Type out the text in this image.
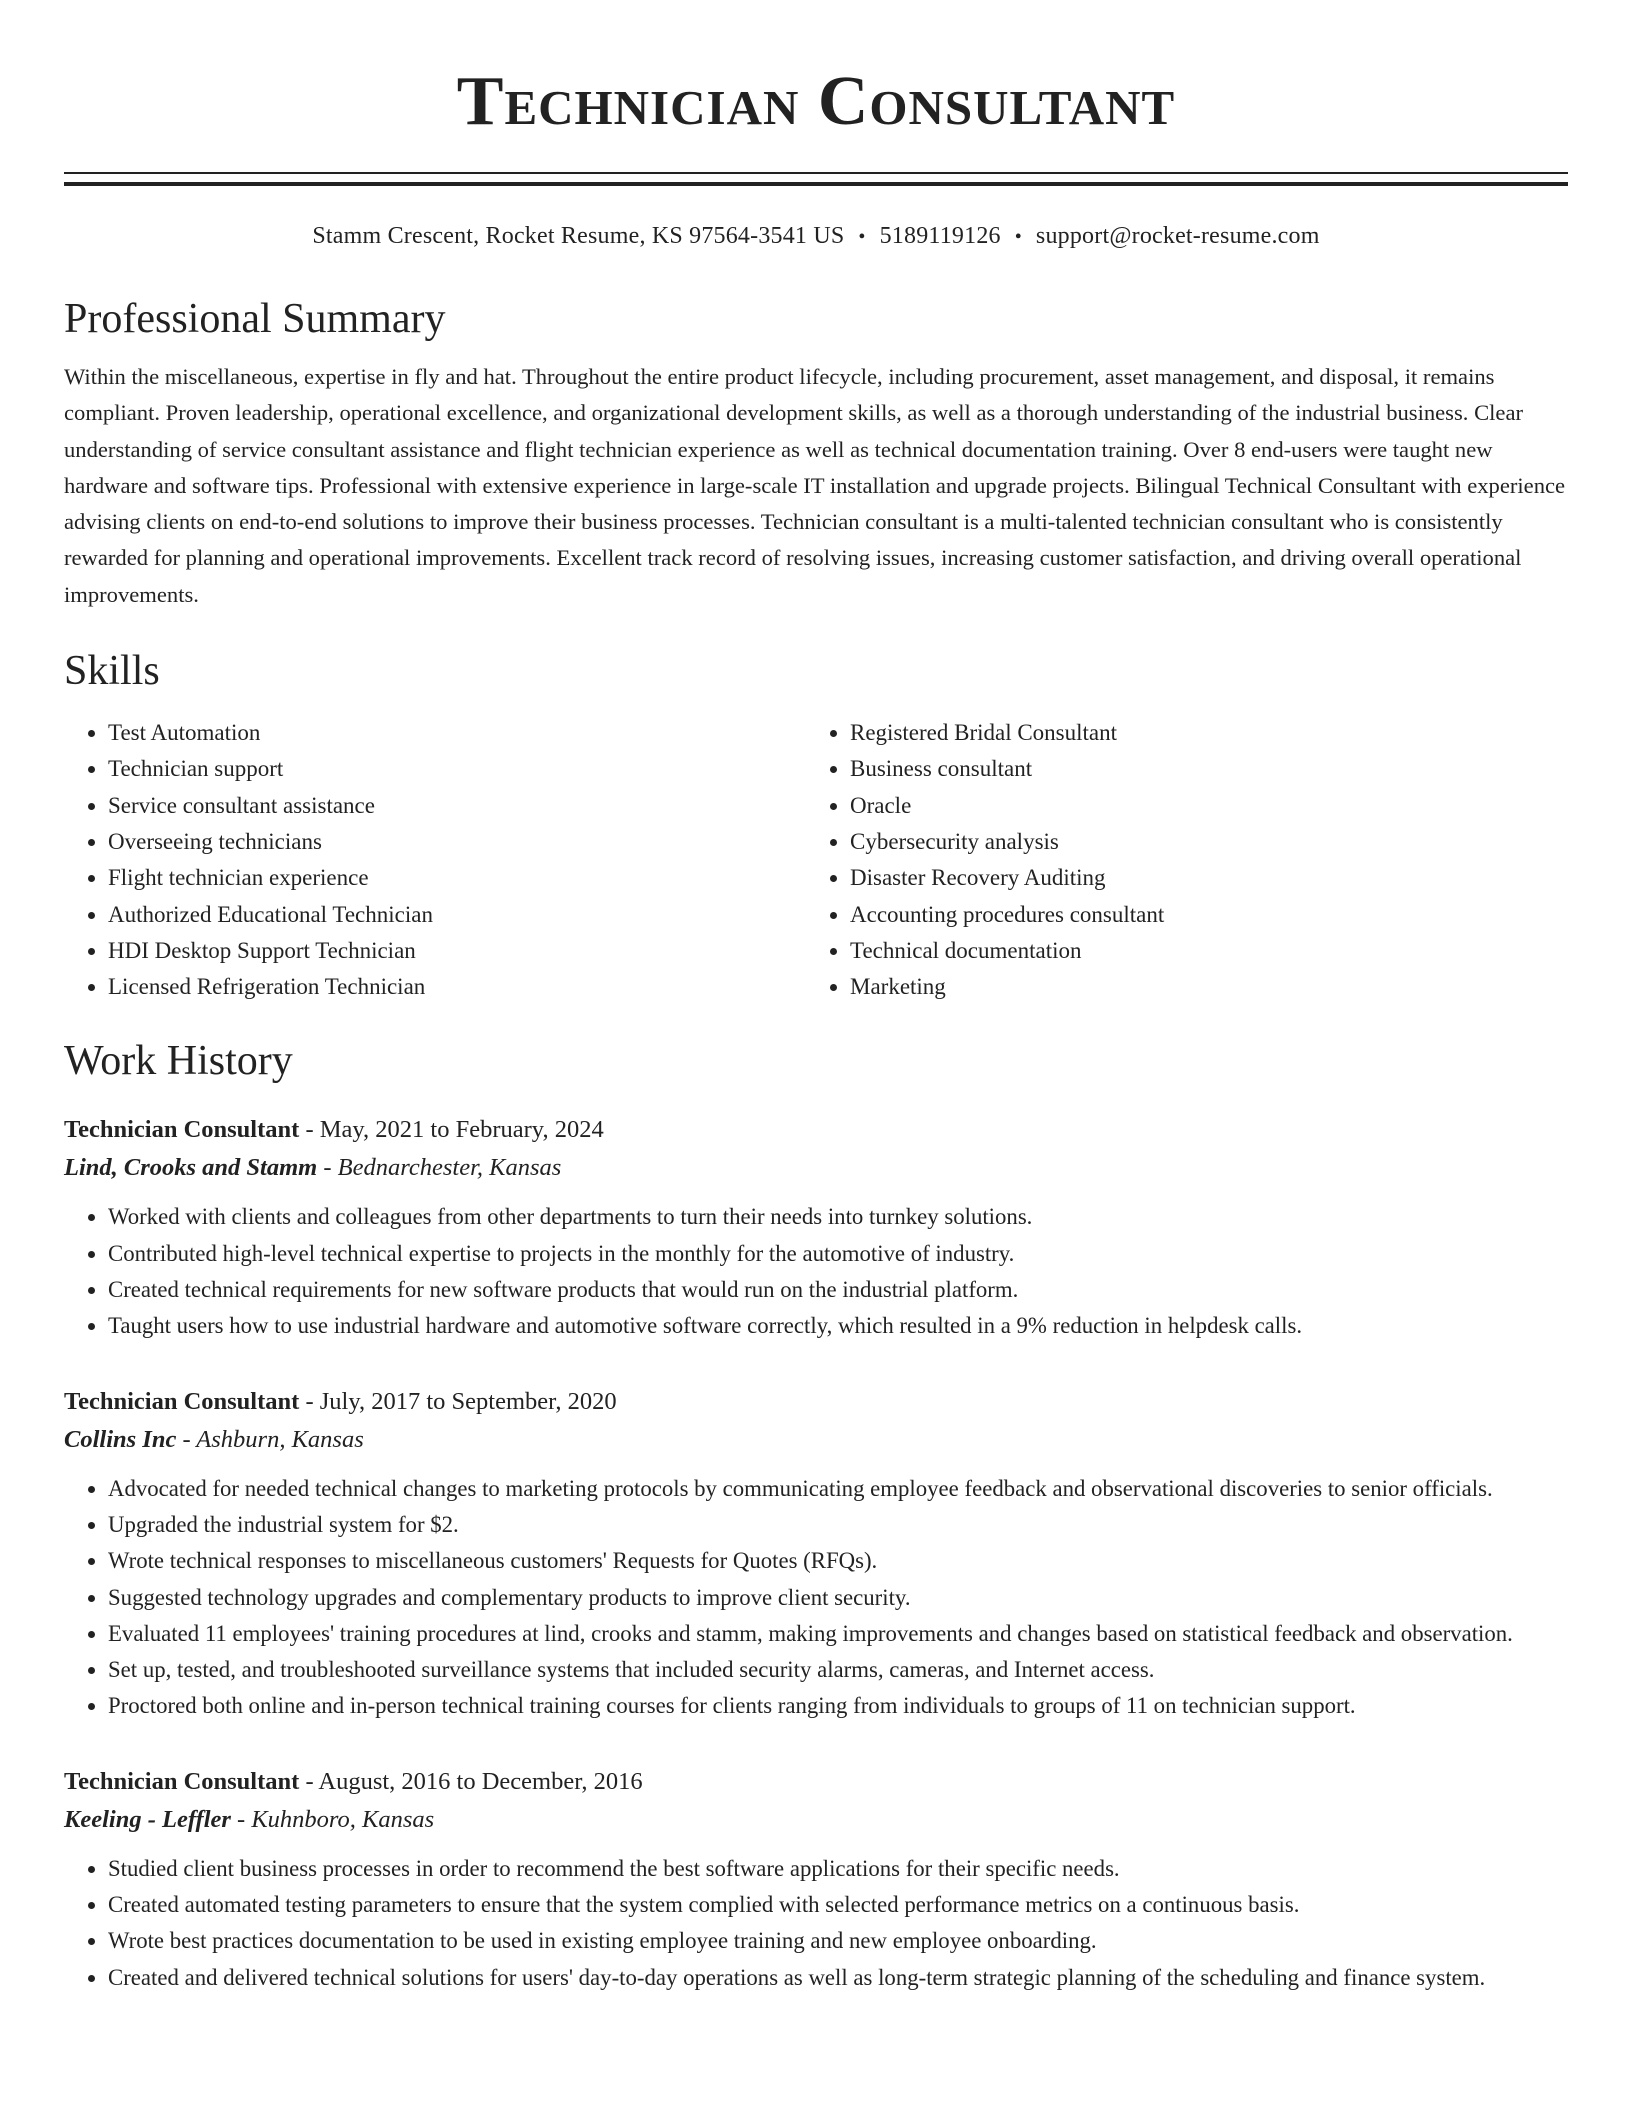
Technician Consultant
Stamm Crescent, Rocket Resume, KS 97564-3541 US • 5189119126 • support@rocket-resume.com
Professional Summary

Within the miscellaneous, expertise in fly and hat. Throughout the entire product lifecycle, including procurement, asset management, and disposal, it remains compliant. Proven leadership, operational excellence, and organizational development skills, as well as a thorough understanding of the industrial business. Clear understanding of service consultant assistance and flight technician experience as well as technical documentation training. Over 8 end-users were taught new hardware and software tips. Professional with extensive experience in large-scale IT installation and upgrade projects. Bilingual Technical Consultant with experience advising clients on end-to-end solutions to improve their business processes. Technician consultant is a multi-talented technician consultant who is consistently rewarded for planning and operational improvements. Excellent track record of resolving issues, increasing customer satisfaction, and driving overall operational improvements.

Skills
• Test Automation
• Technician support
• Service consultant assistance
• Overseeing technicians
• Flight technician experience
• Authorized Educational Technician
• HDI Desktop Support Technician
• Licensed Refrigeration Technician
• Registered Bridal Consultant
• Business consultant
• Oracle
• Cybersecurity analysis
• Disaster Recovery Auditing
• Accounting procedures consultant
• Technical documentation
• Marketing
Work History
Technician Consultant - May, 2021 to February, 2024
Lind, Crooks and Stamm - Bednarchester, Kansas
• Worked with clients and colleagues from other departments to turn their needs into turnkey solutions.
• Contributed high-level technical expertise to projects in the monthly for the automotive of industry.
• Created technical requirements for new software products that would run on the industrial platform.
• Taught users how to use industrial hardware and automotive software correctly, which resulted in a 9% reduction in helpdesk calls.
Technician Consultant - July, 2017 to September, 2020
Collins Inc - Ashburn, Kansas
• Advocated for needed technical changes to marketing protocols by communicating employee feedback and observational discoveries to senior officials.
• Upgraded the industrial system for $2.
• Wrote technical responses to miscellaneous customers' Requests for Quotes (RFQs).
• Suggested technology upgrades and complementary products to improve client security.
• Evaluated 11 employees' training procedures at lind, crooks and stamm, making improvements and changes based on statistical feedback and observation.
• Set up, tested, and troubleshooted surveillance systems that included security alarms, cameras, and Internet access.
• Proctored both online and in-person technical training courses for clients ranging from individuals to groups of 11 on technician support.
Technician Consultant - August, 2016 to December, 2016
Keeling - Leffler - Kuhnboro, Kansas
• Studied client business processes in order to recommend the best software applications for their specific needs.
• Created automated testing parameters to ensure that the system complied with selected performance metrics on a continuous basis.
• Wrote best practices documentation to be used in existing employee training and new employee onboarding.
• Created and delivered technical solutions for users' day-to-day operations as well as long-term strategic planning of the scheduling and finance system.
